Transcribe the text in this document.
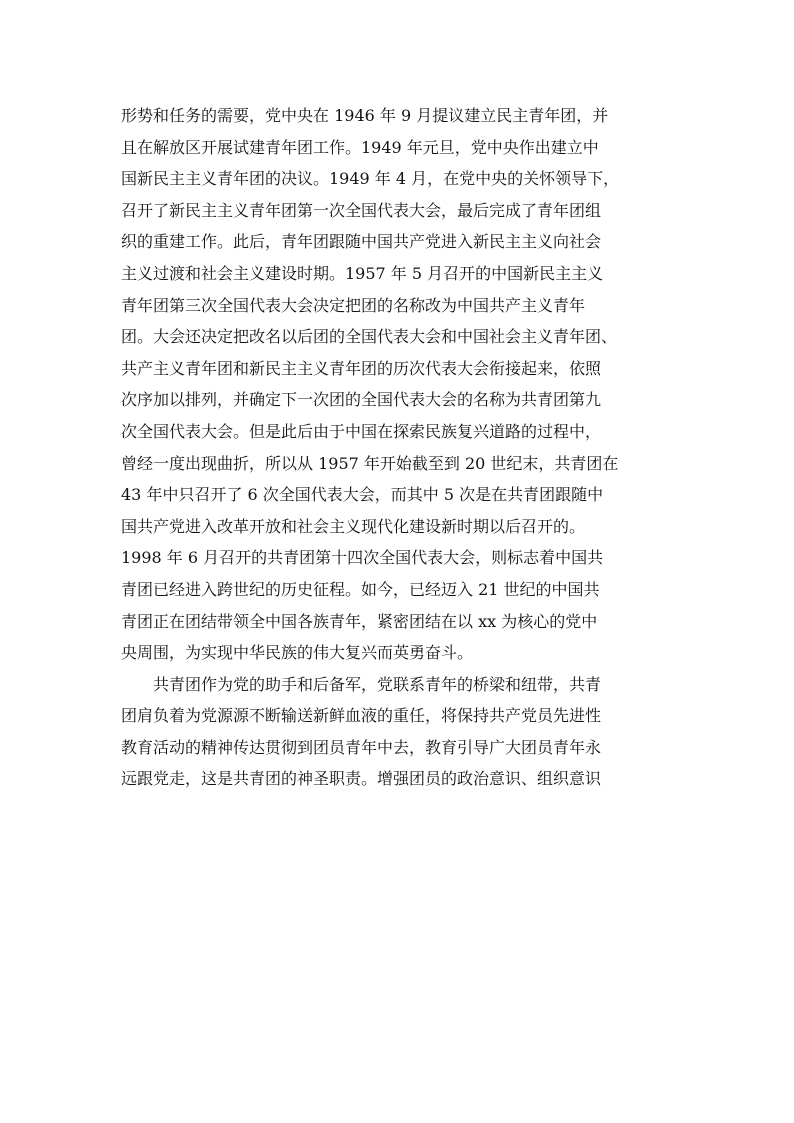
形势和任务的需要，党中央在 1946 年 9 月提议建立民主青年团，并
且在解放区开展试建青年团工作。1949 年元旦，党中央作出建立中
国新民主主义青年团的决议。1949 年 4 月，在党中央的关怀领导下，
召开了新民主主义青年团第一次全国代表大会，最后完成了青年团组
织的重建工作。此后，青年团跟随中国共产党进入新民主主义向社会
主义过渡和社会主义建设时期。1957 年 5 月召开的中国新民主主义
青年团第三次全国代表大会决定把团的名称改为中国共产主义青年
团。大会还决定把改名以后团的全国代表大会和中国社会主义青年团、
共产主义青年团和新民主主义青年团的历次代表大会衔接起来，依照
次序加以排列，并确定下一次团的全国代表大会的名称为共青团第九
次全国代表大会。但是此后由于中国在探索民族复兴道路的过程中，
曾经一度出现曲折，所以从 1957 年开始截至到 20 世纪末，共青团在
43 年中只召开了 6 次全国代表大会，而其中 5 次是在共青团跟随中
国共产党进入改革开放和社会主义现代化建设新时期以后召开的。
1998 年 6 月召开的共青团第十四次全国代表大会，则标志着中国共
青团已经进入跨世纪的历史征程。如今，已经迈入 21 世纪的中国共
青团正在团结带领全中国各族青年，紧密团结在以 xx 为核心的党中
央周围，为实现中华民族的伟大复兴而英勇奋斗。
共青团作为党的助手和后备军，党联系青年的桥梁和纽带，共青
团肩负着为党源源不断输送新鲜血液的重任，将保持共产党员先进性
教育活动的精神传达贯彻到团员青年中去，教育引导广大团员青年永
远跟党走，这是共青团的神圣职责。增强团员的政治意识、组织意识
